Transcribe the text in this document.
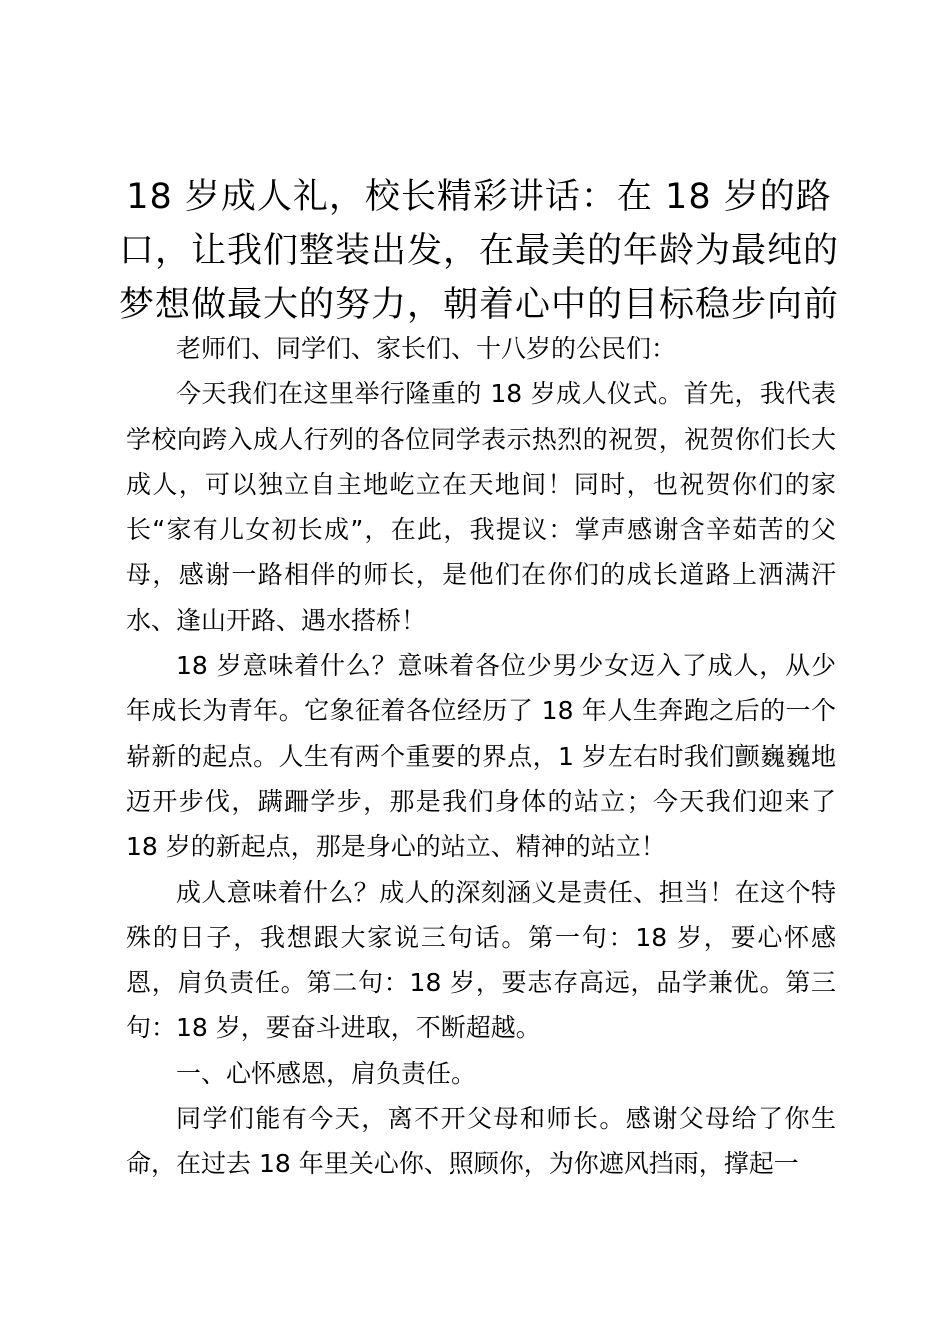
18 岁成人礼，校长精彩讲话：在 18 岁的路口，让我们整装出发，在最美的年龄为最纯的梦想做最大的努力，朝着心中的目标稳步向前

老师们、同学们、家长们、十八岁的公民们：

今天我们在这里举行隆重的 18 岁成人仪式。首先，我代表学校向跨入成人行列的各位同学表示热烈的祝贺，祝贺你们长大成人，可以独立自主地屹立在天地间！同时，也祝贺你们的家长“家有儿女初长成”，在此，我提议：掌声感谢含辛茹苦的父母，感谢一路相伴的师长，是他们在你们的成长道路上洒满汗水、逢山开路、遇水搭桥！

18 岁意味着什么？意味着各位少男少女迈入了成人，从少年成长为青年。它象征着各位经历了 18 年人生奔跑之后的一个崭新的起点。人生有两个重要的界点，1 岁左右时我们颤巍巍地迈开步伐，蹒跚学步，那是我们身体的站立；今天我们迎来了 18 岁的新起点，那是身心的站立、精神的站立！

成人意味着什么？成人的深刻涵义是责任、担当！在这个特殊的日子，我想跟大家说三句话。第一句：18 岁，要心怀感恩，肩负责任。第二句：18 岁，要志存高远，品学兼优。第三句：18 岁，要奋斗进取，不断超越。

一、心怀感恩，肩负责任。

同学们能有今天，离不开父母和师长。感谢父母给了你生命，在过去 18 年里关心你、照顾你，为你遮风挡雨，撑起一
